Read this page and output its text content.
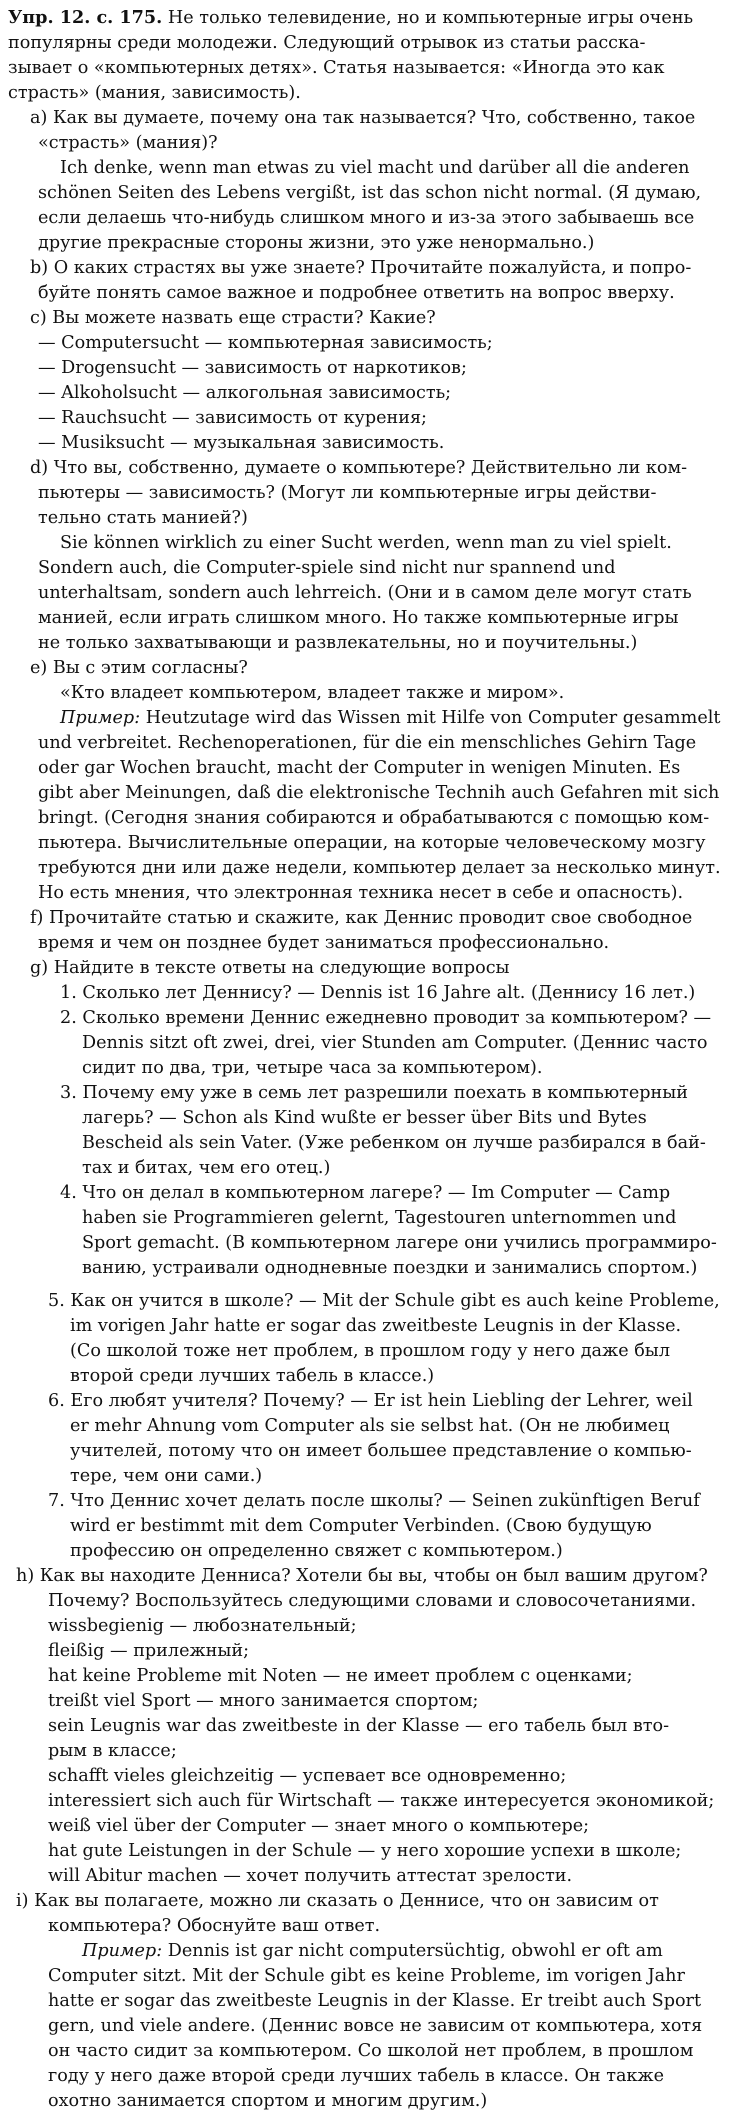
Упр. 12. с. 175. Не только телевидение, но и компьютерные игры очень
популярны среди молодежи. Следующий отрывок из статьи расска-
зывает о «компьютерных детях». Статья называется: «Иногда это как
страсть» (мания, зависимость).
a) Как вы думаете, почему она так называется? Что, собственно, такое
«страсть» (мания)?
Ich denke, wenn man etwas zu viel macht und darüber all die anderen
schönen Seiten des Lebens vergißt, ist das schon nicht normal. (Я думаю,
если делаешь что-нибудь слишком много и из-за этого забываешь все
другие прекрасные стороны жизни, это уже ненормально.)
b) О каких страстях вы уже знаете? Прочитайте пожалуйста, и попро-
буйте понять самое важное и подробнее ответить на вопрос вверху.
c) Вы можете назвать еще страсти? Какие?
— Computersucht — компьютерная зависимость;
— Drogensucht — зависимость от наркотиков;
— Alkoholsucht — алкогольная зависимость;
— Rauchsucht — зависимость от курения;
— Musiksucht — музыкальная зависимость.
d) Что вы, собственно, думаете о компьютере? Действительно ли ком-
пьютеры — зависимость? (Могут ли компьютерные игры действи-
тельно стать манией?)
Sie können wirklich zu einer Sucht werden, wenn man zu viel spielt.
Sondern auch, die Computer-spiele sind nicht nur spannend und
unterhaltsam, sondern auch lehrreich. (Они и в самом деле могут стать
манией, если играть слишком много. Но также компьютерные игры
не только захватывающи и развлекательны, но и поучительны.)
e) Вы с этим согласны?
«Кто владеет компьютером, владеет также и миром».
Пример: Heutzutage wird das Wissen mit Hilfe von Computer gesammelt
und verbreitet. Rechenoperationen, für die ein menschliches Gehirn Tage
oder gar Wochen braucht, macht der Computer in wenigen Minuten. Es
gibt aber Meinungen, daß die elektronische Technih auch Gefahren mit sich
bringt. (Сегодня знания собираются и обрабатываются с помощью ком-
пьютера. Вычислительные операции, на которые человеческому мозгу
требуются дни или даже недели, компьютер делает за несколько минут.
Но есть мнения, что электронная техника несет в себе и опасность).
f) Прочитайте статью и скажите, как Деннис проводит свое свободное
время и чем он позднее будет заниматься профессионально.
g) Найдите в тексте ответы на следующие вопросы
1. Сколько лет Деннису? — Dennis ist 16 Jahre alt. (Деннису 16 лет.)
2. Сколько времени Деннис ежедневно проводит за компьютером? —
Dennis sitzt oft zwei, drei, vier Stunden am Computer. (Деннис часто
сидит по два, три, четыре часа за компьютером).
3. Почему ему уже в семь лет разрешили поехать в компьютерный
лагерь? — Schon als Kind wußte er besser über Bits und Bytes
Bescheid als sein Vater. (Уже ребенком он лучше разбирался в бай-
тах и битах, чем его отец.)
4. Что он делал в компьютерном лагере? — Im Computer — Camp
haben sie Programmieren gelernt, Tagestouren unternommen und
Sport gemacht. (В компьютерном лагере они учились программиро-
ванию, устраивали однодневные поездки и занимались спортом.)
5. Как он учится в школе? — Mit der Schule gibt es auch keine Probleme,
im vorigen Jahr hatte er sogar das zweitbeste Leugnis in der Klasse.
(Со школой тоже нет проблем, в прошлом году у него даже был
второй среди лучших табель в классе.)
6. Его любят учителя? Почему? — Er ist hein Liebling der Lehrer, weil
er mehr Ahnung vom Computer als sie selbst hat. (Он не любимец
учителей, потому что он имеет большее представление о компью-
тере, чем они сами.)
7. Что Деннис хочет делать после школы? — Seinen zukünftigen Beruf
wird er bestimmt mit dem Computer Verbinden. (Свою будущую
профессию он определенно свяжет с компьютером.)
h) Как вы находите Денниса? Хотели бы вы, чтобы он был вашим другом?
Почему? Воспользуйтесь следующими словами и словосочетаниями.
wissbegienig — любознательный;
fleißig — прилежный;
hat keine Probleme mit Noten — не имеет проблем с оценками;
treißt viel Sport — много занимается спортом;
sein Leugnis war das zweitbeste in der Klasse — его табель был вто-
рым в классе;
schafft vieles gleichzeitig — успевает все одновременно;
interessiert sich auch für Wirtschaft — также интересуется экономикой;
weiß viel über der Computer — знает много о компьютере;
hat gute Leistungen in der Schule — у него хорошие успехи в школе;
will Abitur machen — хочет получить аттестат зрелости.
i) Как вы полагаете, можно ли сказать о Деннисе, что он зависим от
компьютера? Обоснуйте ваш ответ.
Пример: Dennis ist gar nicht computersüchtig, obwohl er oft am
Computer sitzt. Mit der Schule gibt es keine Probleme, im vorigen Jahr
hatte er sogar das zweitbeste Leugnis in der Klasse. Er treibt auch Sport
gern, und viele andere. (Деннис вовсе не зависим от компьютера, хотя
он часто сидит за компьютером. Со школой нет проблем, в прошлом
году у него даже второй среди лучших табель в классе. Он также
охотно занимается спортом и многим другим.)
